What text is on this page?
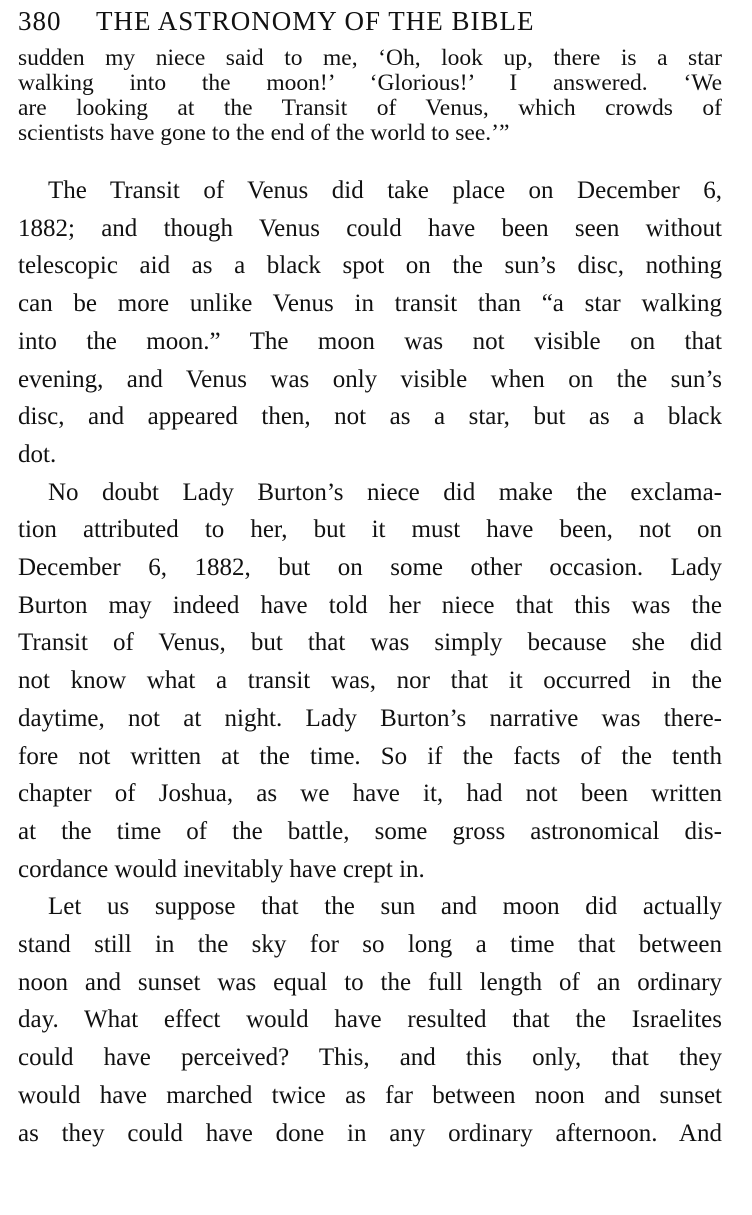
380	THE ASTRONOMY OF THE BIBLE

sudden my niece said to me, ‘Oh, look up, there is a star
walking into the moon!’ ‘Glorious!’ I answered. ‘We
are looking at the Transit of Venus, which crowds of
scientists have gone to the end of the world to see.’”

The Transit of Venus did take place on December 6,
1882; and though Venus could have been seen without
telescopic aid as a black spot on the sun’s disc, nothing
can be more unlike Venus in transit than “a star walking
into the moon.” The moon was not visible on that
evening, and Venus was only visible when on the sun’s
disc, and appeared then, not as a star, but as a black
dot.

No doubt Lady Burton’s niece did make the exclama-
tion attributed to her, but it must have been, not on
December 6, 1882, but on some other occasion. Lady
Burton may indeed have told her niece that this was the
Transit of Venus, but that was simply because she did
not know what a transit was, nor that it occurred in the
daytime, not at night. Lady Burton’s narrative was there-
fore not written at the time. So if the facts of the tenth
chapter of Joshua, as we have it, had not been written
at the time of the battle, some gross astronomical dis-
cordance would inevitably have crept in.

Let us suppose that the sun and moon did actually
stand still in the sky for so long a time that between
noon and sunset was equal to the full length of an ordinary
day. What effect would have resulted that the Israelites
could have perceived? This, and this only, that they
would have marched twice as far between noon and sunset
as they could have done in any ordinary afternoon. And
